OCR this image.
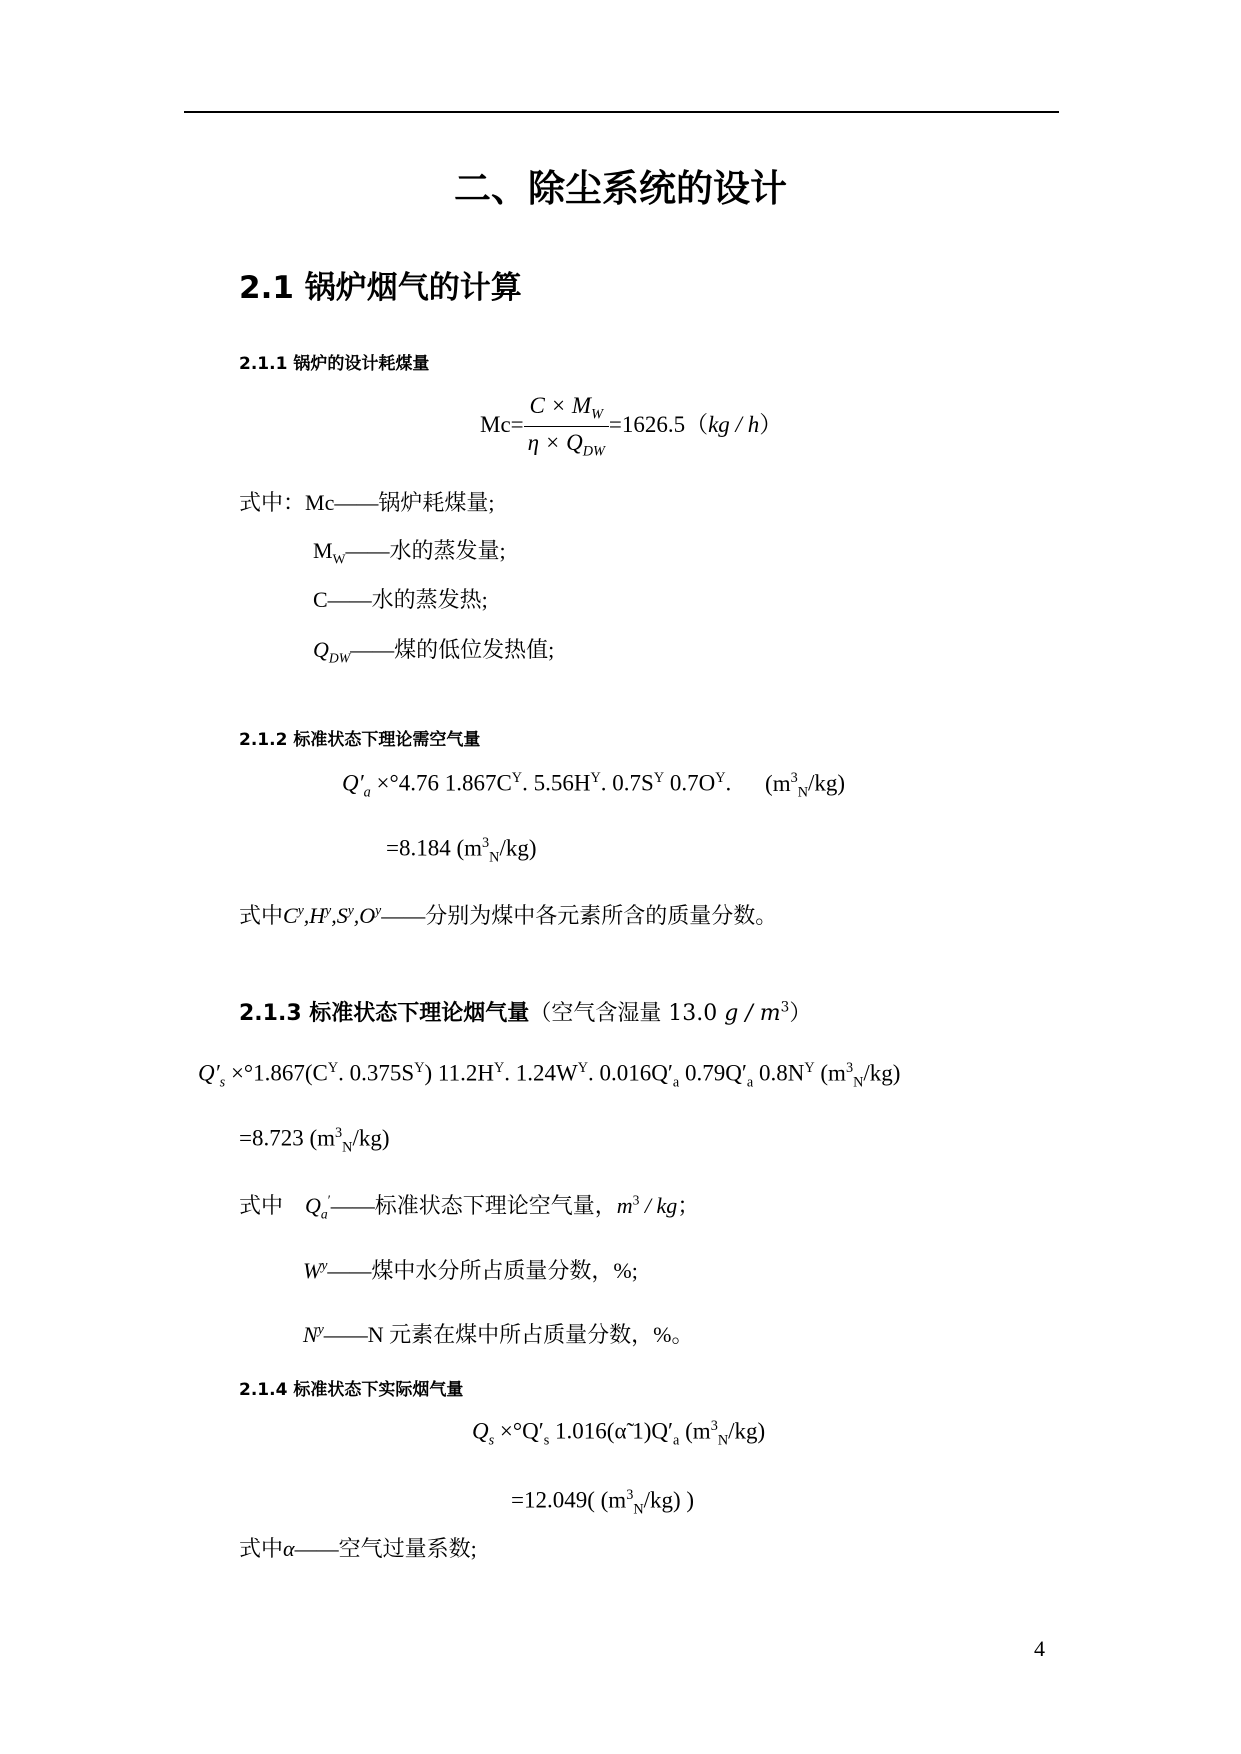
二、除尘系统的设计
2.1 锅炉烟气的计算
2.1.1 锅炉的设计耗煤量
$Mc= \frac{C \times M_W}{\eta \times Q_{DW}} =1626.5(kg / h)$
式中：Mc——锅炉耗煤量;
$M_W——$水的蒸发量;
C——水的蒸发热;
$Q_{DW}——$煤的低位发热值;
2.1.2 标准状态下理论需空气量
$Q'_a \times^\circ 4.76$ $1.867C^Y$. $5.56H^Y$. $0.7S^Y$ $0.7O^Y$. $(m^3_N/kg)$
=8.184 $(m^3_N/kg)$
式中$C^y,H^y,S^y,O^y——$分别为煤中各元素所含的质量分数。
2.1.3 标准状态下理论烟气量（空气含湿量 13.0 g / $m^3$）
$Q'_s \times^\circ 1.867(C^Y$. $0.375S^Y$) $11.2H^Y$. $1.24W^Y$. $0.016Q'_a$ $0.79Q'_a$ $0.8N^Y$ $(m^3_N/kg)$
=8.723 $(m^3_N/kg)$
式中 $Q_a'——$标准状态下理论空气量，$m^3$ / kg；
$W^y——$煤中水分所占质量分数，%;
$N^y——N$ 元素在煤中所占质量分数，%。
2.1.4 标准状态下实际烟气量
$Q_s \times^\circ Q'_s$ 1.016(α̃ $1)Q'_a$ $(m^3_N/kg)$
=12.049( $(m^3_N/kg)$ )
式中α——空气过量系数;
4
